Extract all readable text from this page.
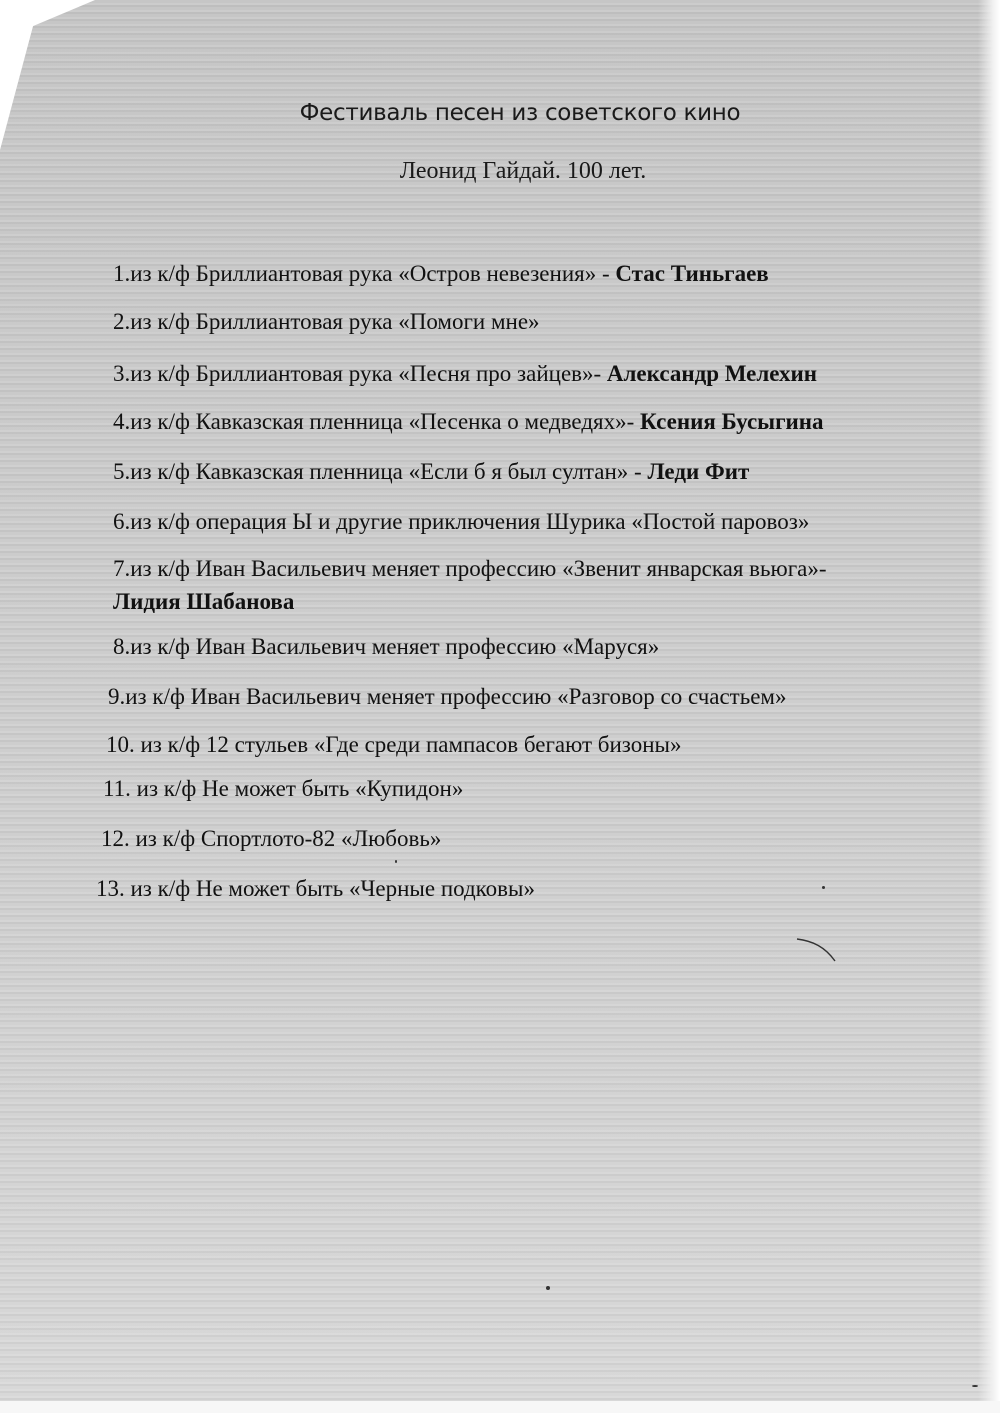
Фестиваль песен из советского кино
Леонид Гайдай. 100 лет.
1.из к/ф Бриллиантовая рука «Остров невезения» - Стас Тиньгаев
2.из к/ф Бриллиантовая рука «Помоги мне»
3.из к/ф Бриллиантовая рука «Песня про зайцев»- Александр Мелехин
4.из к/ф Кавказская пленница «Песенка о медведях»- Ксения Бусыгина
5.из к/ф Кавказская пленница «Если б я был султан» - Леди Фит
6.из к/ф операция Ы и другие приключения Шурика «Постой паровоз»
7.из к/ф Иван Васильевич меняет профессию «Звенит январская вьюга»-
Лидия Шабанова
8.из к/ф Иван Васильевич меняет профессию «Маруся»
9.из к/ф Иван Васильевич меняет профессию «Разговор со счастьем»
10. из к/ф 12 стульев «Где среди пампасов бегают бизоны»
11. из к/ф Не может быть «Купидон»
12. из к/ф Спортлото-82 «Любовь»
13. из к/ф Не может быть «Черные подковы»
